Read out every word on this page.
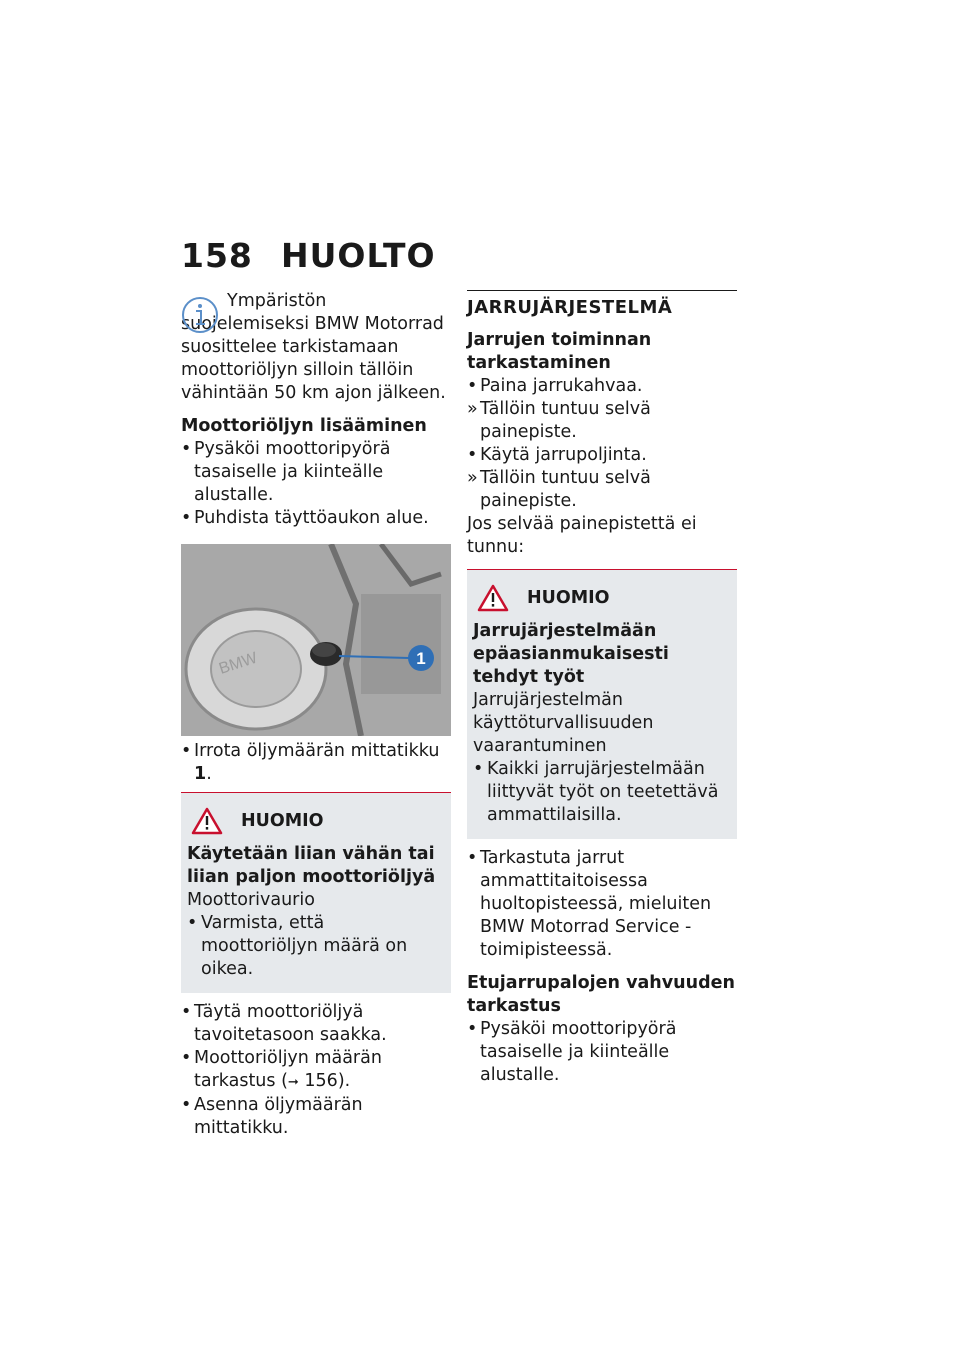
158 HUOLTO

Ympäristön suojelemiseksi BMW Motorrad suosittelee tarkistamaan moottoriöljyn silloin tällöin vähintään 50 km ajon jälkeen.

Moottoriöljyn lisääminen

• Pysäköi moottoripyörä tasaiselle ja kiinteälle alustalle.

• Puhdista täyttöaukon alue.

1
BMW

• Irrota öljymäärän mittatikku 1.

HUOMIO

Käytetään liian vähän tai liian paljon moottoriöljyä

Moottorivaurio

• Varmista, että moottoriöljyn määrä on oikea.

• Täytä moottoriöljyä tavoitetasoon saakka.

• Moottoriöljyn määrän tarkastus (➞ 156).

• Asenna öljymäärän mittatikku.

JARRUJÄRJESTELMÄ

Jarrujen toiminnan tarkastaminen

• Paina jarrukahvaa.

» Tällöin tuntuu selvä painepiste.

• Käytä jarrupoljinta.

» Tällöin tuntuu selvä painepiste.

Jos selvää painepistettä ei tunnu:

HUOMIO

Jarrujärjestelmään epäasianmukaisesti tehdyt työt

Jarrujärjestelmän käyttöturvallisuuden vaarantuminen

• Kaikki jarrujärjestelmään liittyvät työt on teetettävä ammattilaisilla.

• Tarkastuta jarrut ammattitaitoisessa huoltopisteessä, mieluiten BMW Motorrad Service -toimipisteessä.

Etujarrupalojen vahvuuden tarkastus

• Pysäköi moottoripyörä tasaiselle ja kiinteälle alustalle.
